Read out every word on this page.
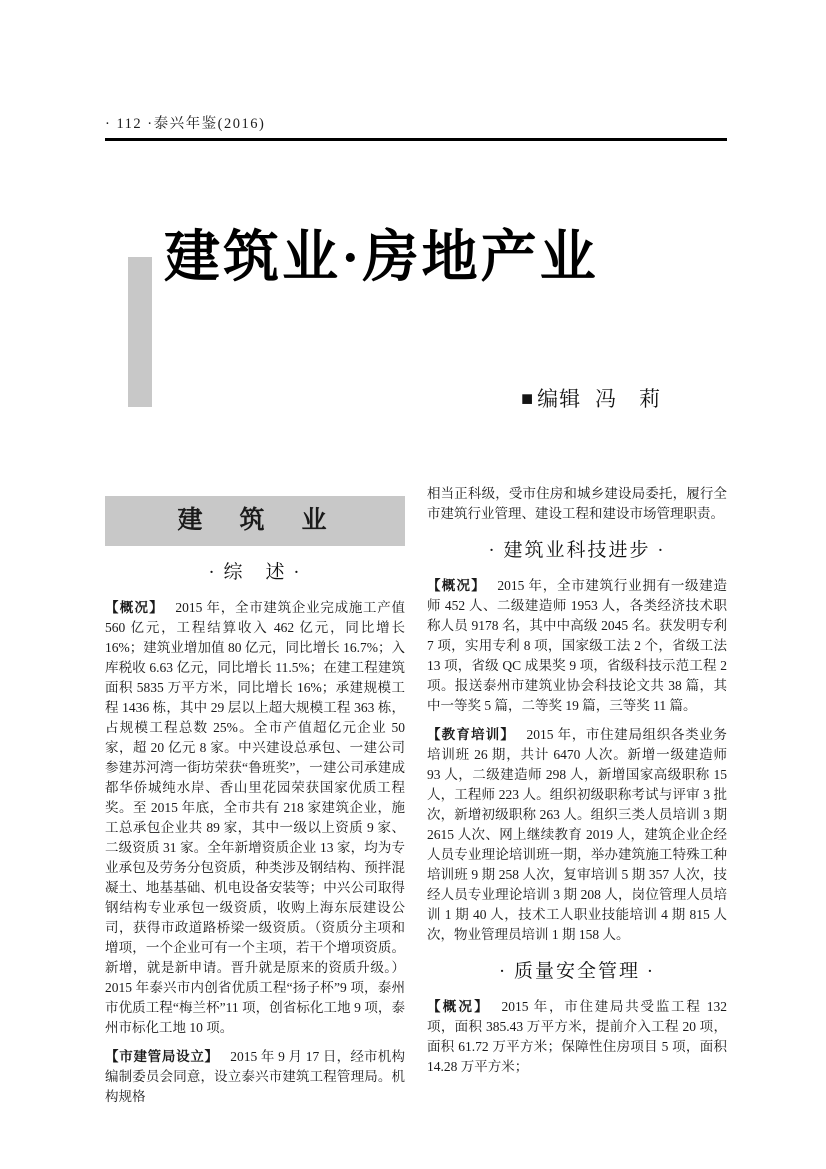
· 112 ·泰兴年鉴(2016)
建筑业·房地产业
■ 编辑 冯　莉
建　筑　业
· 综　述 ·

【概况】 2015 年，全市建筑企业完成施工产值 560 亿元，工程结算收入 462 亿元，同比增长 16%；建筑业增加值 80 亿元，同比增长 16.7%；入库税收 6.63 亿元，同比增长 11.5%；在建工程建筑面积 5835 万平方米，同比增长 16%；承建规模工程 1436 栋，其中 29 层以上超大规模工程 363 栋，占规模工程总数 25%。全市产值超亿元企业 50 家，超 20 亿元 8 家。中兴建设总承包、一建公司参建苏河湾一街坊荣获“鲁班奖”，一建公司承建成都华侨城纯水岸、香山里花园荣获国家优质工程奖。至 2015 年底，全市共有 218 家建筑企业，施工总承包企业共 89 家，其中一级以上资质 9 家、二级资质 31 家。全年新增资质企业 13 家，均为专业承包及劳务分包资质，种类涉及钢结构、预拌混凝土、地基基础、机电设备安装等；中兴公司取得钢结构专业承包一级资质，收购上海东辰建设公司，获得市政道路桥梁一级资质。（资质分主项和增项，一个企业可有一个主项，若干个增项资质。新增，就是新申请。晋升就是原来的资质升级。）2015 年泰兴市内创省优质工程“扬子杯”9 项，泰州市优质工程“梅兰杯”11 项，创省标化工地 9 项，泰州市标化工地 10 项。

【市建管局设立】 2015 年 9 月 17 日，经市机构编制委员会同意，设立泰兴市建筑工程管理局。机构规格

相当正科级，受市住房和城乡建设局委托，履行全市建筑行业管理、建设工程和建设市场管理职责。

· 建筑业科技进步 ·

【概况】 2015 年，全市建筑行业拥有一级建造师 452 人、二级建造师 1953 人，各类经济技术职称人员 9178 名，其中中高级 2045 名。获发明专利 7 项，实用专利 8 项，国家级工法 2 个，省级工法 13 项，省级 QC 成果奖 9 项，省级科技示范工程 2 项。报送泰州市建筑业协会科技论文共 38 篇，其中一等奖 5 篇，二等奖 19 篇，三等奖 11 篇。

【教育培训】 2015 年，市住建局组织各类业务培训班 26 期，共计 6470 人次。新增一级建造师 93 人，二级建造师 298 人，新增国家高级职称 15 人，工程师 223 人。组织初级职称考试与评审 3 批次，新增初级职称 263 人。组织三类人员培训 3 期 2615 人次、网上继续教育 2019 人，建筑企业企经人员专业理论培训班一期，举办建筑施工特殊工种培训班 9 期 258 人次，复审培训 5 期 357 人次，技经人员专业理论培训 3 期 208 人，岗位管理人员培训 1 期 40 人，技术工人职业技能培训 4 期 815 人次，物业管理员培训 1 期 158 人。

· 质量安全管理 ·

【概况】 2015 年，市住建局共受监工程 132 项，面积 385.43 万平方米，提前介入工程 20 项，面积 61.72 万平方米；保障性住房项目 5 项，面积 14.28 万平方米；
